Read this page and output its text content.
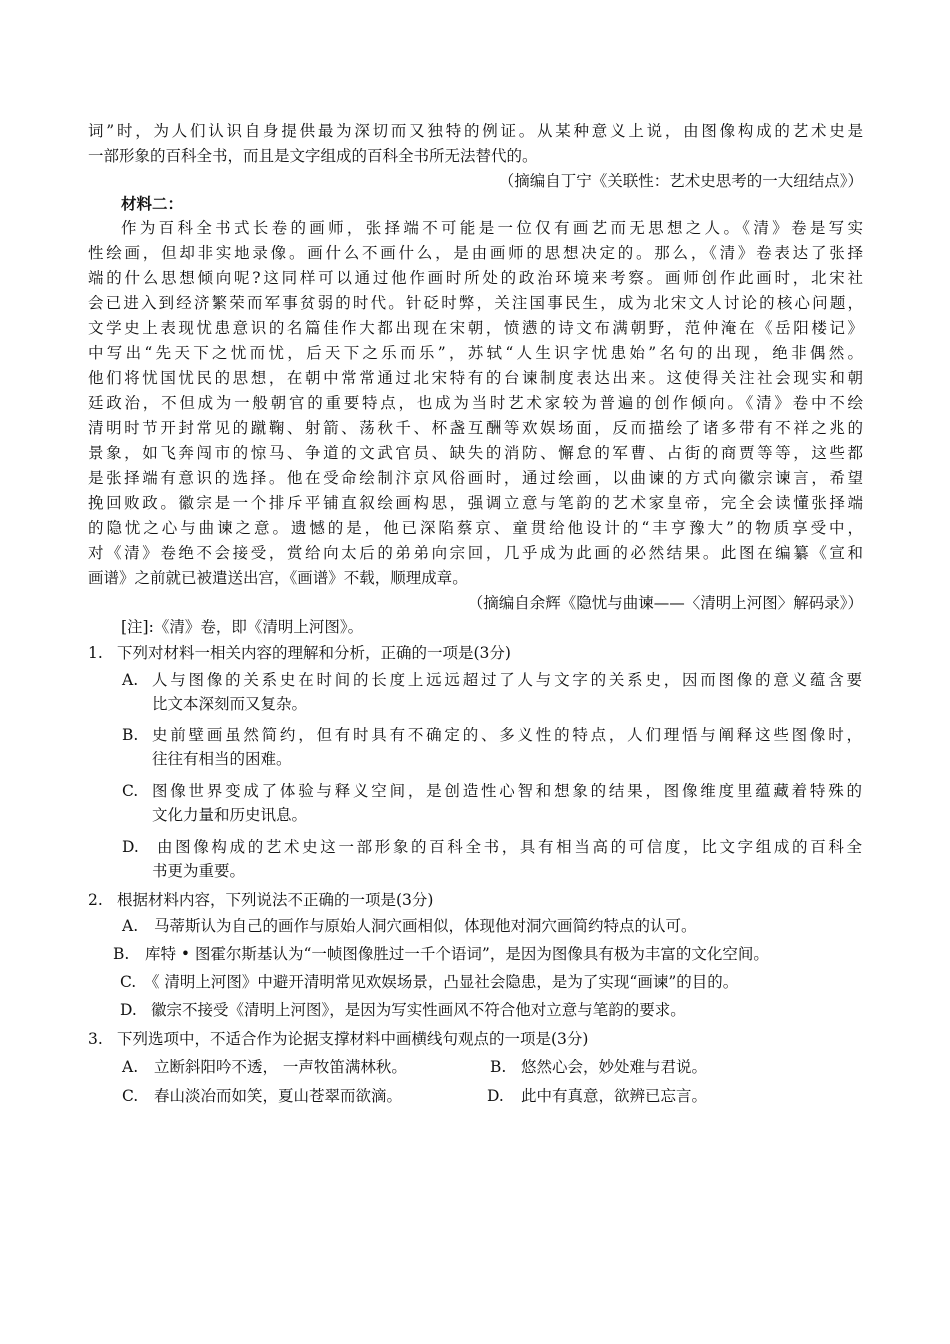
词”时，为人们认识自身提供最为深切而又独特的例证。从某种意义上说，由图像构成的艺术史是
一部形象的百科全书，而且是文字组成的百科全书所无法替代的。
（摘编自丁宁《关联性：艺术史思考的一大纽结点》）
材料二：
作为百科全书式长卷的画师，张择端不可能是一位仅有画艺而无思想之人。《清》卷是写实
性绘画，但却非实地录像。画什么不画什么，是由画师的思想决定的。那么，《清》卷表达了张择
端的什么思想倾向呢?这同样可以通过他作画时所处的政治环境来考察。画师创作此画时，北宋社
会已进入到经济繁荣而军事贫弱的时代。针砭时弊，关注国事民生，成为北宋文人讨论的核心问题，
文学史上表现忧患意识的名篇佳作大都出现在宋朝，愤懑的诗文布满朝野，范仲淹在《岳阳楼记》
中写出“先天下之忧而忧，后天下之乐而乐”，苏轼“人生识字忧患始”名句的出现，绝非偶然。
他们将忧国忧民的思想，在朝中常常通过北宋特有的台谏制度表达出来。这使得关注社会现实和朝
廷政治，不但成为一般朝官的重要特点，也成为当时艺术家较为普遍的创作倾向。《清》卷中不绘
清明时节开封常见的蹴鞠、射箭、荡秋千、杯盏互酬等欢娱场面，反而描绘了诸多带有不祥之兆的
景象，如飞奔闯市的惊马、争道的文武官员、缺失的消防、懈怠的军曹、占街的商贾等等，这些都
是张择端有意识的选择。他在受命绘制汴京风俗画时，通过绘画，以曲谏的方式向徽宗谏言，希望
挽回败政。徽宗是一个排斥平铺直叙绘画构思，强调立意与笔韵的艺术家皇帝，完全会读懂张择端
的隐忧之心与曲谏之意。遗憾的是，他已深陷蔡京、童贯给他设计的“丰亨豫大”的物质享受中，
对《清》卷绝不会接受，赏给向太后的弟弟向宗回，几乎成为此画的必然结果。此图在编纂《宣和
画谱》之前就已被遣送出宫，《画谱》不载，顺理成章。
（摘编自余辉《隐忧与曲谏——〈清明上河图〉解码录》）
[注]:《清》卷，即《清明上河图》。
1. 下列对材料一相关内容的理解和分析，正确的一项是(3分)
A. 人与图像的关系史在时间的长度上远远超过了人与文字的关系史，因而图像的意义蕴含要
比文本深刻而又复杂。
B. 史前壁画虽然简约，但有时具有不确定的、多义性的特点，人们理悟与阐释这些图像时，
往往有相当的困难。
C. 图像世界变成了体验与释义空间，是创造性心智和想象的结果，图像维度里蕴藏着特殊的
文化力量和历史讯息。
D. 由图像构成的艺术史这一部形象的百科全书，具有相当高的可信度，比文字组成的百科全
书更为重要。
2. 根据材料内容，下列说法不正确的一项是(3分)
A. 马蒂斯认为自己的画作与原始人洞穴画相似，体现他对洞穴画简约特点的认可。
B. 库特 • 图霍尔斯基认为“一帧图像胜过一千个语词”，是因为图像具有极为丰富的文化空间。
C. 《 清明上河图》中避开清明常见欢娱场景，凸显社会隐患，是为了实现“画谏”的目的。
D. 徽宗不接受《清明上河图》，是因为写实性画风不符合他对立意与笔韵的要求。
3. 下列选项中，不适合作为论据支撑材料中画横线句观点的一项是(3分)
A. 立断斜阳吟不透， 一声牧笛满林秋。	B. 悠然心会，妙处难与君说。
C. 春山淡冶而如笑，夏山苍翠而欲滴。	D. 此中有真意，欲辨已忘言。
